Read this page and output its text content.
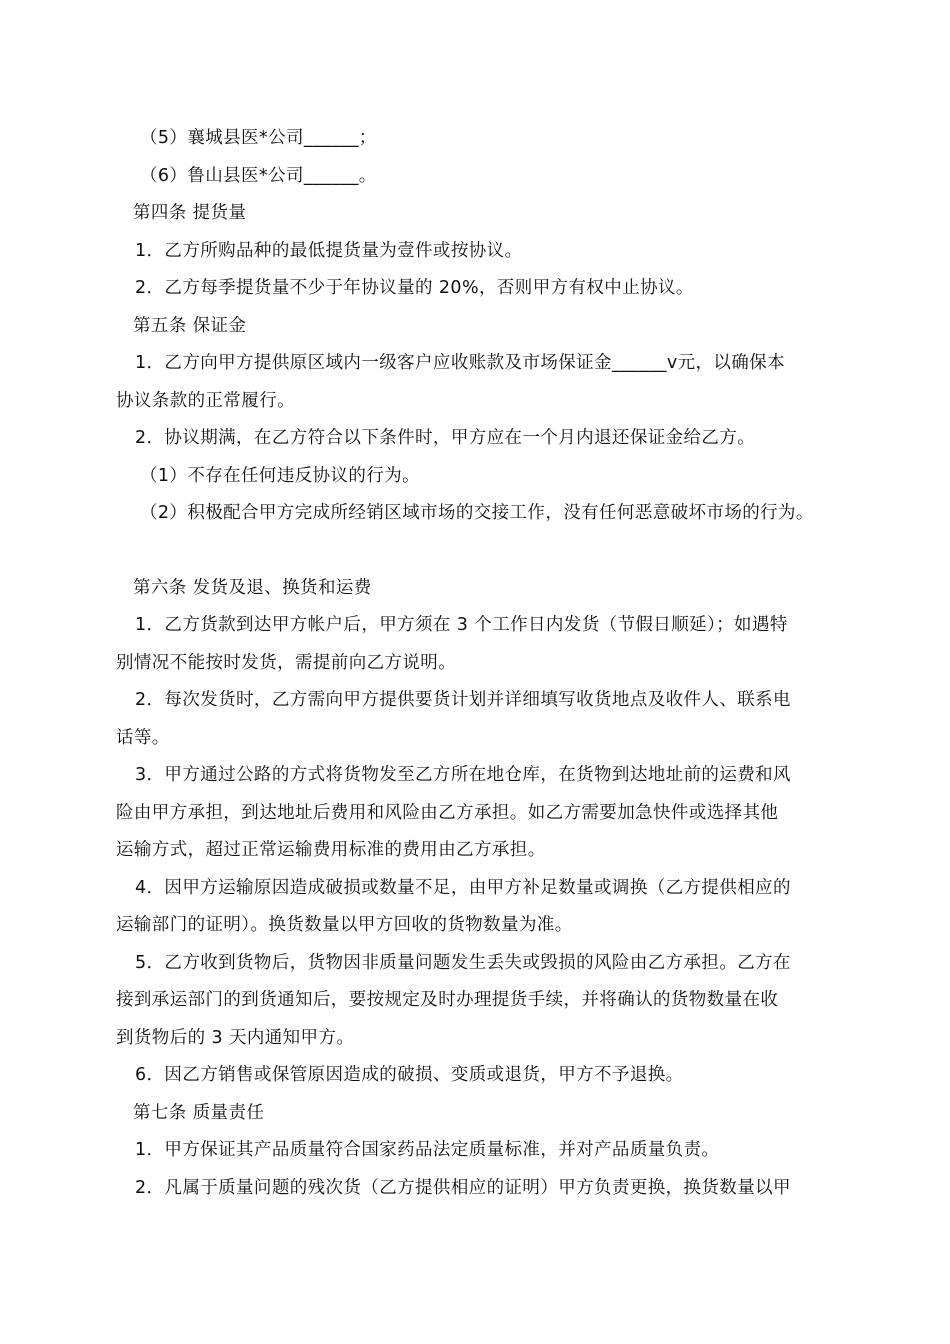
（5）襄城县医*公司______；
（6）鲁山县医*公司______。
第四条 提货量
1．乙方所购品种的最低提货量为壹件或按协议。
2．乙方每季提货量不少于年协议量的 20%，否则甲方有权中止协议。
第五条 保证金
1．乙方向甲方提供原区域内一级客户应收账款及市场保证金______v元，以确保本
协议条款的正常履行。
2．协议期满，在乙方符合以下条件时，甲方应在一个月内退还保证金给乙方。
（1）不存在任何违反协议的行为。
（2）积极配合甲方完成所经销区域市场的交接工作，没有任何恶意破坏市场的行为。
第六条 发货及退、换货和运费
1．乙方货款到达甲方帐户后，甲方须在 3 个工作日内发货（节假日顺延）；如遇特
别情况不能按时发货，需提前向乙方说明。
2．每次发货时，乙方需向甲方提供要货计划并详细填写收货地点及收件人、联系电
话等。
3．甲方通过公路的方式将货物发至乙方所在地仓库，在货物到达地址前的运费和风
险由甲方承担，到达地址后费用和风险由乙方承担。如乙方需要加急快件或选择其他
运输方式，超过正常运输费用标准的费用由乙方承担。
4．因甲方运输原因造成破损或数量不足，由甲方补足数量或调换（乙方提供相应的
运输部门的证明）。换货数量以甲方回收的货物数量为准。
5．乙方收到货物后，货物因非质量问题发生丢失或毁损的风险由乙方承担。乙方在
接到承运部门的到货通知后，要按规定及时办理提货手续，并将确认的货物数量在收
到货物后的 3 天内通知甲方。
6．因乙方销售或保管原因造成的破损、变质或退货，甲方不予退换。
第七条 质量责任
1．甲方保证其产品质量符合国家药品法定质量标准，并对产品质量负责。
2．凡属于质量问题的残次货（乙方提供相应的证明）甲方负责更换，换货数量以甲
